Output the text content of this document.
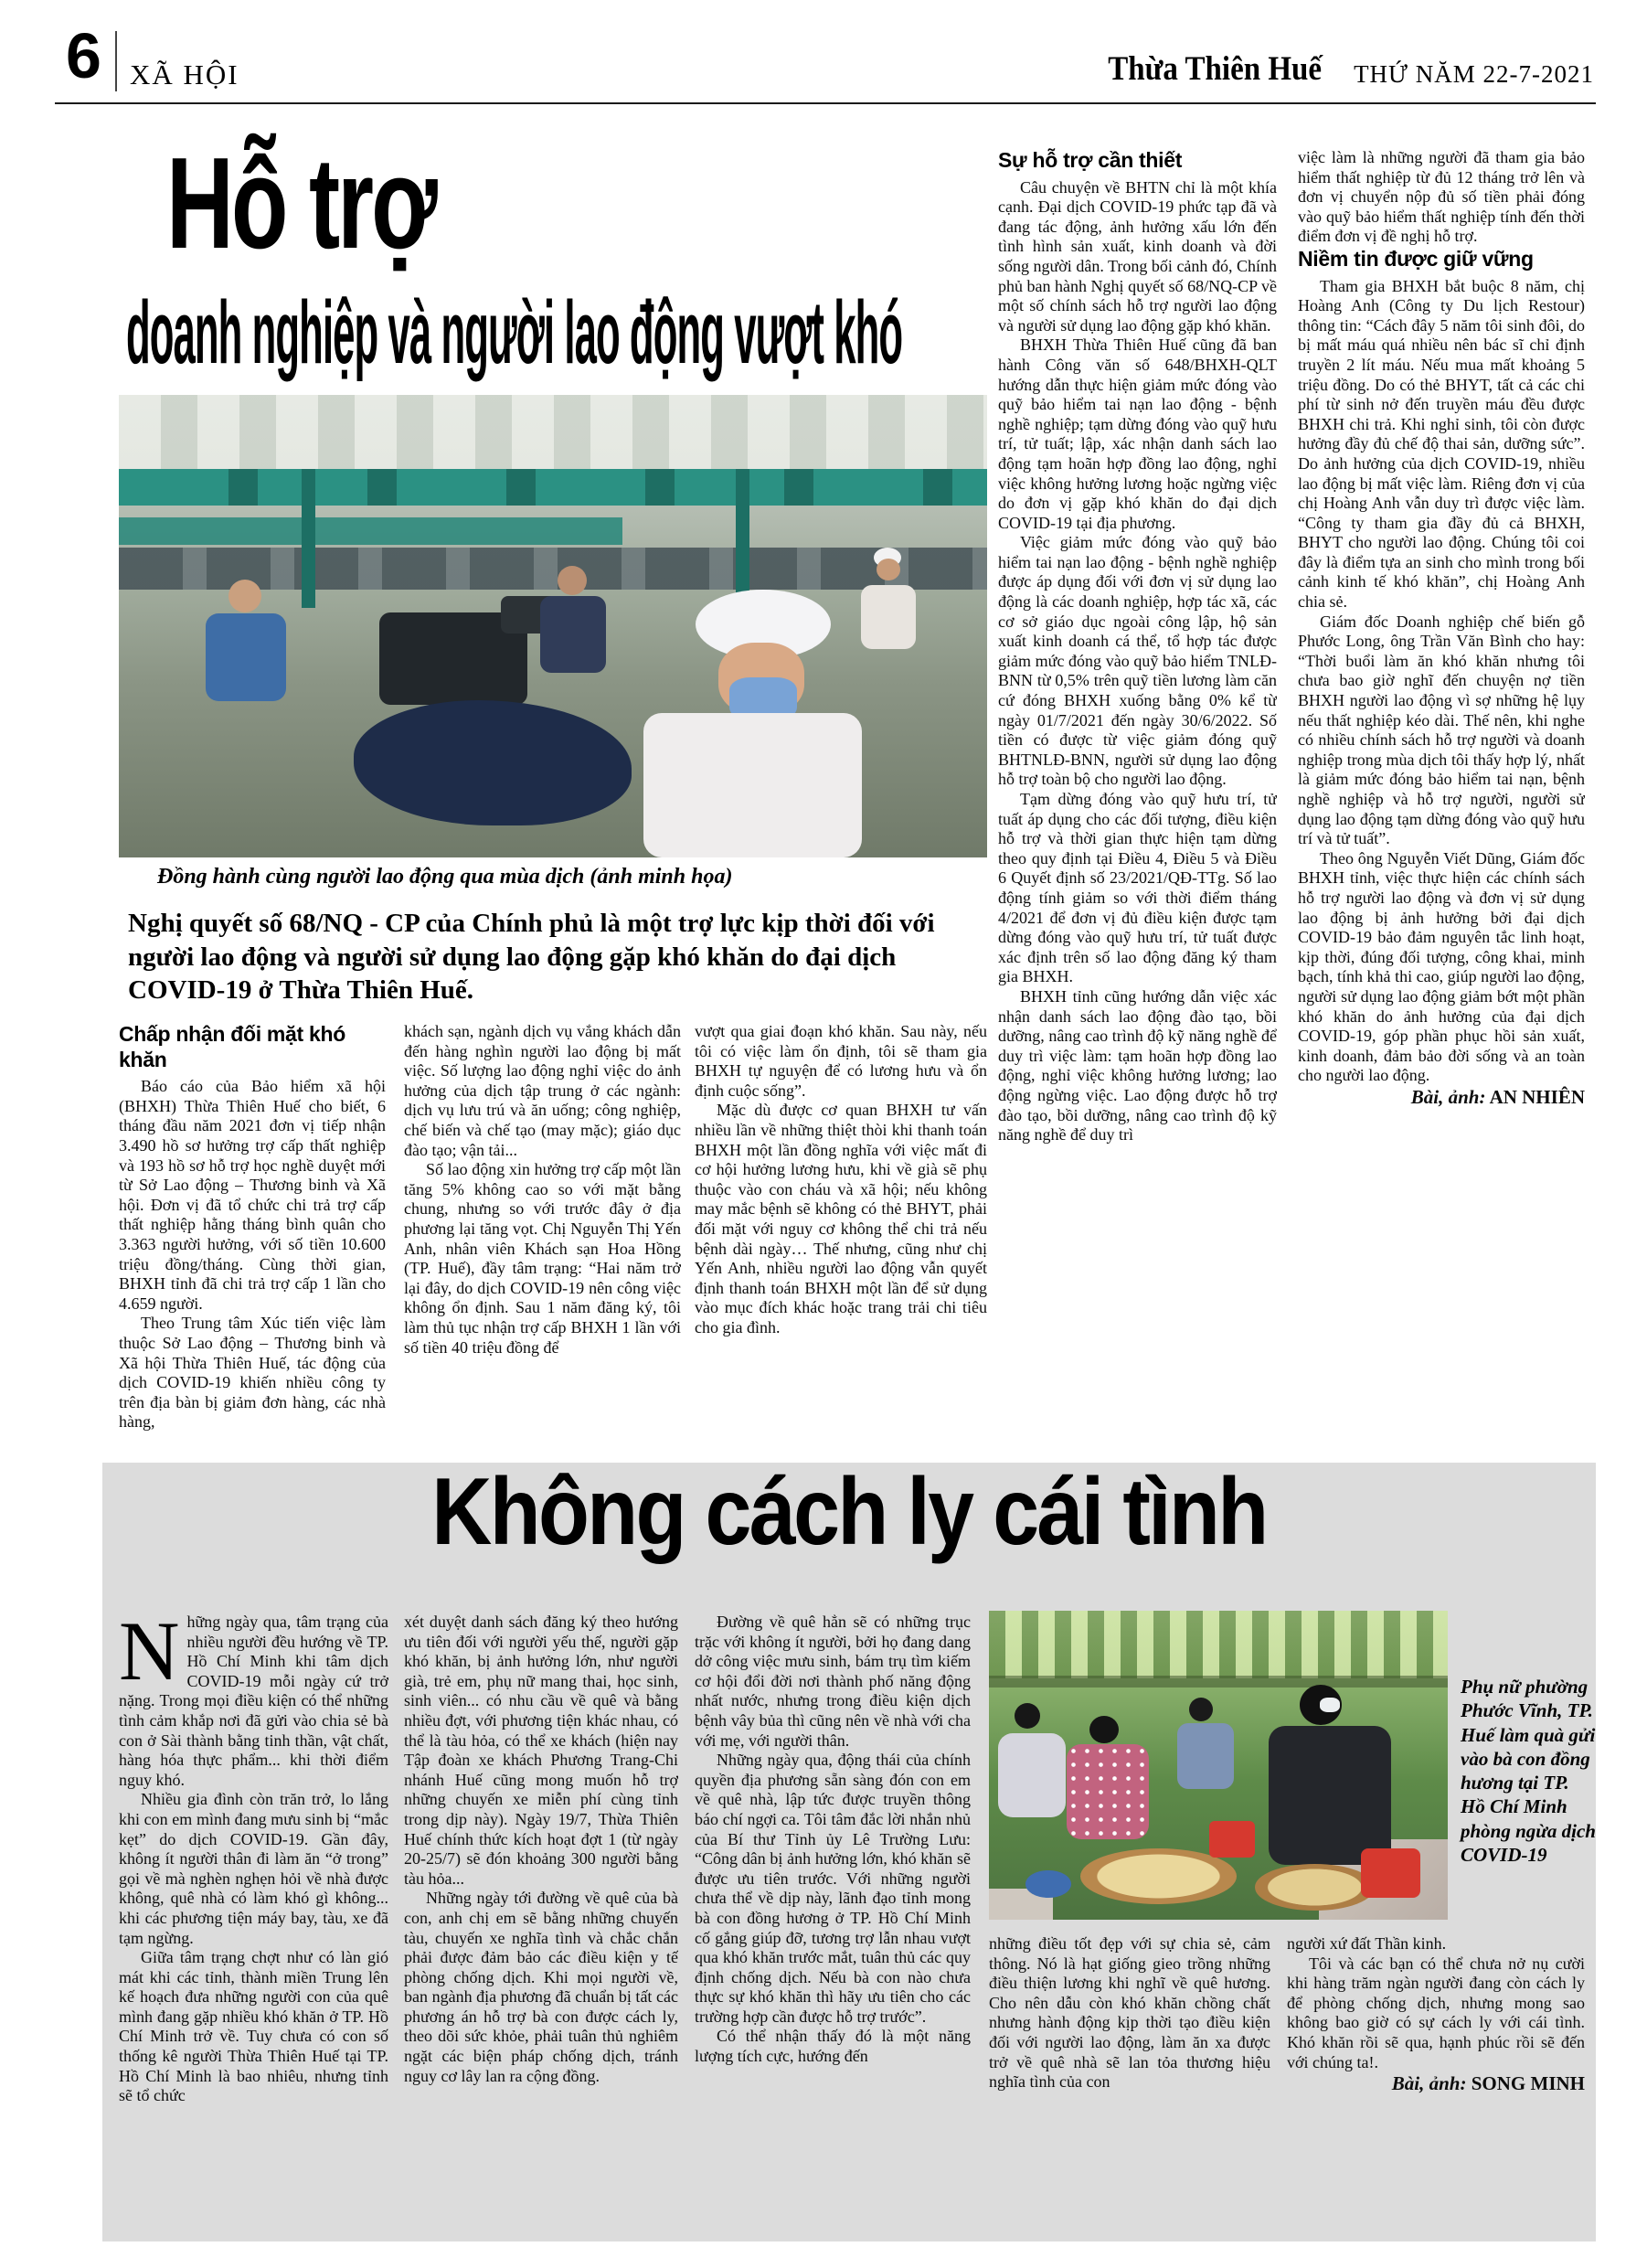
6 XÃ HỘI	Thừa Thiên Huế THỨ NĂM 22-7-2021
Hỗ trợ
doanh nghiệp và người lao động vượt khó
Đồng hành cùng người lao động qua mùa dịch (ảnh minh họa)
Nghị quyết số 68/NQ - CP của Chính phủ là một trợ lực kịp thời đối với người lao động và người sử dụng lao động gặp khó khăn do đại dịch COVID-19 ở Thừa Thiên Huế.
Chấp nhận đối mặt khó khăn

Báo cáo của Bảo hiểm xã hội (BHXH) Thừa Thiên Huế cho biết, 6 tháng đầu năm 2021 đơn vị tiếp nhận 3.490 hồ sơ hưởng trợ cấp thất nghiệp và 193 hồ sơ hỗ trợ học nghề duyệt mới từ Sở Lao động – Thương binh và Xã hội. Đơn vị đã tổ chức chi trả trợ cấp thất nghiệp hằng tháng bình quân cho 3.363 người hưởng, với số tiền 10.600 triệu đồng/tháng. Cùng thời gian, BHXH tỉnh đã chi trả trợ cấp 1 lần cho 4.659 người.

Theo Trung tâm Xúc tiến việc làm thuộc Sở Lao động – Thương binh và Xã hội Thừa Thiên Huế, tác động của dịch COVID-19 khiến nhiều công ty trên địa bàn bị giảm đơn hàng, các nhà hàng,

khách sạn, ngành dịch vụ vắng khách dẫn đến hàng nghìn người lao động bị mất việc. Số lượng lao động nghỉ việc do ảnh hưởng của dịch tập trung ở các ngành: dịch vụ lưu trú và ăn uống; công nghiệp, chế biến và chế tạo (may mặc); giáo dục đào tạo; vận tải...

Số lao động xin hưởng trợ cấp một lần tăng 5% không cao so với mặt bằng chung, nhưng so với trước đây ở địa phương lại tăng vọt. Chị Nguyễn Thị Yến Anh, nhân viên Khách sạn Hoa Hồng (TP. Huế), đầy tâm trạng: “Hai năm trở lại đây, do dịch COVID-19 nên công việc không ổn định. Sau 1 năm đăng ký, tôi làm thủ tục nhận trợ cấp BHXH 1 lần với số tiền 40 triệu đồng để

vượt qua giai đoạn khó khăn. Sau này, nếu tôi có việc làm ổn định, tôi sẽ tham gia BHXH tự nguyện để có lương hưu và ổn định cuộc sống”.

Mặc dù được cơ quan BHXH tư vấn nhiều lần về những thiệt thòi khi thanh toán BHXH một lần đồng nghĩa với việc mất đi cơ hội hưởng lương hưu, khi về già sẽ phụ thuộc vào con cháu và xã hội; nếu không may mắc bệnh sẽ không có thẻ BHYT, phải đối mặt với nguy cơ không thể chi trả nếu bệnh dài ngày… Thế nhưng, cũng như chị Yến Anh, nhiều người lao động vẫn quyết định thanh toán BHXH một lần để sử dụng vào mục đích khác hoặc trang trải chi tiêu cho gia đình.

Sự hỗ trợ cần thiết

Câu chuyện về BHTN chỉ là một khía cạnh. Đại dịch COVID-19 phức tạp đã và đang tác động, ảnh hưởng xấu lớn đến tình hình sản xuất, kinh doanh và đời sống người dân. Trong bối cảnh đó, Chính phủ ban hành Nghị quyết số 68/NQ-CP về một số chính sách hỗ trợ người lao động và người sử dụng lao động gặp khó khăn.

BHXH Thừa Thiên Huế cũng đã ban hành Công văn số 648/BHXH-QLT hướng dẫn thực hiện giảm mức đóng vào quỹ bảo hiểm tai nạn lao động - bệnh nghề nghiệp; tạm dừng đóng vào quỹ hưu trí, tử tuất; lập, xác nhận danh sách lao động tạm hoãn hợp đồng lao động, nghỉ việc không hưởng lương hoặc ngừng việc do đơn vị gặp khó khăn do đại dịch COVID-19 tại địa phương.

Việc giảm mức đóng vào quỹ bảo hiểm tai nạn lao động - bệnh nghề nghiệp được áp dụng đối với đơn vị sử dụng lao động là các doanh nghiệp, hợp tác xã, các cơ sở giáo dục ngoài công lập, hộ sản xuất kinh doanh cá thể, tổ hợp tác được giảm mức đóng vào quỹ bảo hiểm TNLĐ-BNN từ 0,5% trên quỹ tiền lương làm căn cứ đóng BHXH xuống bằng 0% kể từ ngày 01/7/2021 đến ngày 30/6/2022. Số tiền có được từ việc giảm đóng quỹ BHTNLĐ-BNN, người sử dụng lao động hỗ trợ toàn bộ cho người lao động.

Tạm dừng đóng vào quỹ hưu trí, tử tuất áp dụng cho các đối tượng, điều kiện hỗ trợ và thời gian thực hiện tạm dừng theo quy định tại Điều 4, Điều 5 và Điều 6 Quyết định số 23/2021/QĐ-TTg. Số lao động tính giảm so với thời điểm tháng 4/2021 để đơn vị đủ điều kiện được tạm dừng đóng vào quỹ hưu trí, tử tuất được xác định trên số lao động đăng ký tham gia BHXH.

BHXH tỉnh cũng hướng dẫn việc xác nhận danh sách lao động đào tạo, bồi dưỡng, nâng cao trình độ kỹ năng nghề để duy trì việc làm: tạm hoãn hợp đồng lao động, nghỉ việc không hưởng lương; lao động ngừng việc. Lao động được hỗ trợ đào tạo, bồi dưỡng, nâng cao trình độ kỹ năng nghề để duy trì

việc làm là những người đã tham gia bảo hiểm thất nghiệp từ đủ 12 tháng trở lên và đơn vị chuyển nộp đủ số tiền phải đóng vào quỹ bảo hiểm thất nghiệp tính đến thời điểm đơn vị đề nghị hỗ trợ.

Niềm tin được giữ vững

Tham gia BHXH bắt buộc 8 năm, chị Hoàng Anh (Công ty Du lịch Restour) thông tin: “Cách đây 5 năm tôi sinh đôi, do bị mất máu quá nhiều nên bác sĩ chỉ định truyền 2 lít máu. Nếu mua mất khoảng 5 triệu đồng. Do có thẻ BHYT, tất cả các chi phí từ sinh nở đến truyền máu đều được BHXH chi trả. Khi nghỉ sinh, tôi còn được hưởng đầy đủ chế độ thai sản, dưỡng sức”. Do ảnh hưởng của dịch COVID-19, nhiều lao động bị mất việc làm. Riêng đơn vị của chị Hoàng Anh vẫn duy trì được việc làm. “Công ty tham gia đầy đủ cả BHXH, BHYT cho người lao động. Chúng tôi coi đây là điểm tựa an sinh cho mình trong bối cảnh kinh tế khó khăn”, chị Hoàng Anh chia sẻ.

Giám đốc Doanh nghiệp chế biến gỗ Phước Long, ông Trần Văn Bình cho hay: “Thời buổi làm ăn khó khăn nhưng tôi chưa bao giờ nghĩ đến chuyện nợ tiền BHXH người lao động vì sợ những hệ lụy nếu thất nghiệp kéo dài. Thế nên, khi nghe có nhiều chính sách hỗ trợ người và doanh nghiệp trong mùa dịch tôi thấy hợp lý, nhất là giảm mức đóng bảo hiểm tai nạn, bệnh nghề nghiệp và hỗ trợ người, người sử dụng lao động tạm dừng đóng vào quỹ hưu trí và tử tuất”.

Theo ông Nguyễn Viết Dũng, Giám đốc BHXH tỉnh, việc thực hiện các chính sách hỗ trợ người lao động và đơn vị sử dụng lao động bị ảnh hưởng bởi đại dịch COVID-19 bảo đảm nguyên tắc linh hoạt, kịp thời, đúng đối tượng, công khai, minh bạch, tính khả thi cao, giúp người lao động, người sử dụng lao động giảm bớt một phần khó khăn do ảnh hưởng của đại dịch COVID-19, góp phần phục hồi sản xuất, kinh doanh, đảm bảo đời sống và an toàn cho người lao động.

Bài, ảnh: AN NHIÊN

Không cách ly cái tình

Những ngày qua, tâm trạng của nhiều người đều hướng về TP. Hồ Chí Minh khi tâm dịch COVID-19 mỗi ngày cứ trở nặng. Trong mọi điều kiện có thể những tình cảm khắp nơi đã gửi vào chia sẻ bà con ở Sài thành bằng tinh thần, vật chất, hàng hóa thực phẩm... khi thời điểm nguy khó.

Nhiều gia đình còn trăn trở, lo lắng khi con em mình đang mưu sinh bị “mắc kẹt” do dịch COVID-19. Gần đây, không ít người thân đi làm ăn “ở trong” gọi về mà nghèn nghẹn hỏi về nhà được không, quê nhà có làm khó gì không... khi các phương tiện máy bay, tàu, xe đã tạm ngừng.

Giữa tâm trạng chợt như có làn gió mát khi các tỉnh, thành miền Trung lên kế hoạch đưa những người con của quê mình đang gặp nhiều khó khăn ở TP. Hồ Chí Minh trở về. Tuy chưa có con số thống kê người Thừa Thiên Huế tại TP. Hồ Chí Minh là bao nhiêu, nhưng tỉnh sẽ tổ chức

xét duyệt danh sách đăng ký theo hướng ưu tiên đối với người yếu thế, người gặp khó khăn, bị ảnh hưởng lớn, như người già, trẻ em, phụ nữ mang thai, học sinh, sinh viên... có nhu cầu về quê và bằng nhiều đợt, với phương tiện khác nhau, có thể là tàu hỏa, có thể xe khách (hiện nay Tập đoàn xe khách Phương Trang-Chi nhánh Huế cũng mong muốn hỗ trợ những chuyến xe miễn phí cùng tỉnh trong dịp này). Ngày 19/7, Thừa Thiên Huế chính thức kích hoạt đợt 1 (từ ngày 20-25/7) sẽ đón khoảng 300 người bằng tàu hỏa...

Những ngày tới đường về quê của bà con, anh chị em sẽ bằng những chuyến tàu, chuyến xe nghĩa tình và chắc chắn phải được đảm bảo các điều kiện y tế phòng chống dịch. Khi mọi người về, ban ngành địa phương đã chuẩn bị tất các phương án hỗ trợ bà con được cách ly, theo dõi sức khỏe, phải tuân thủ nghiêm ngặt các biện pháp chống dịch, tránh nguy cơ lây lan ra cộng đồng.

Đường về quê hẳn sẽ có những trục trặc với không ít người, bởi họ đang dang dở công việc mưu sinh, bám trụ tìm kiếm cơ hội đổi đời nơi thành phố năng động nhất nước, nhưng trong điều kiện dịch bệnh vây bủa thì cũng nên về nhà với cha với mẹ, với người thân.

Những ngày qua, động thái của chính quyền địa phương sẵn sàng đón con em về quê nhà, lập tức được truyền thông báo chí ngợi ca. Tôi tâm đắc lời nhắn nhủ của Bí thư Tỉnh ủy Lê Trường Lưu: “Công dân bị ảnh hưởng lớn, khó khăn sẽ được ưu tiên trước. Với những người chưa thể về dịp này, lãnh đạo tỉnh mong bà con đồng hương ở TP. Hồ Chí Minh cố gắng giúp đỡ, tương trợ lẫn nhau vượt qua khó khăn trước mắt, tuân thủ các quy định chống dịch. Nếu bà con nào chưa thực sự khó khăn thì hãy ưu tiên cho các trường hợp cần được hỗ trợ trước”.

Có thể nhận thấy đó là một năng lượng tích cực, hướng đến

Phụ nữ phường Phước Vĩnh, TP. Huế làm quà gửi vào bà con đồng hương tại TP. Hồ Chí Minh phòng ngừa dịch COVID-19

những điều tốt đẹp với sự chia sẻ, cảm thông. Nó là hạt giống gieo trồng những điều thiện lương khi nghĩ về quê hương. Cho nên dẫu còn khó khăn chồng chất nhưng hành động kịp thời tạo điều kiện đối với người lao động, làm ăn xa được trở về quê nhà sẽ lan tỏa thương hiệu nghĩa tình của con

người xứ đất Thần kinh.

Tôi và các bạn có thể chưa nở nụ cười khi hàng trăm ngàn người đang còn cách ly để phòng chống dịch, nhưng mong sao không bao giờ có sự cách ly với cái tình. Khó khăn rồi sẽ qua, hạnh phúc rồi sẽ đến với chúng ta!.

Bài, ảnh: SONG MINH
